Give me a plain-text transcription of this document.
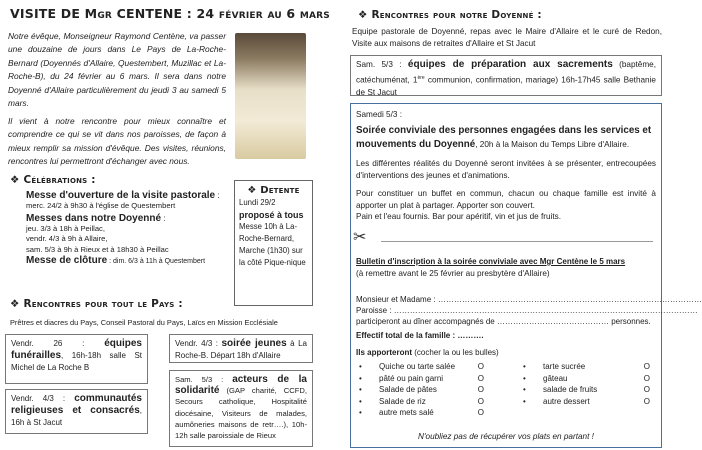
VISITE DE Mgr CENTENE : 24 février au 6 mars

Notre évêque, Monseigneur Raymond Centène, va passer une douzaine de jours dans Le Pays de La-Roche-Bernard (Doyennés d'Allaire, Questembert, Muzillac et La-Roche-B), du 24 février au 6 mars. Il sera dans notre Doyenné d'Allaire particulièrement du jeudi 3 au samedi 5 mars.

Il vient à notre rencontre pour mieux connaître et comprendre ce qui se vit dans nos paroisses, de façon à mieux remplir sa mission d'évêque. Des visites, réunions, rencontres lui permettront d'échanger avec nous.

❖ Célébrations :
Messe d'ouverture de la visite pastorale :
merc. 24/2 à 9h30 à l'église de Questembert
Messes dans notre Doyenné :
jeu. 3/3 à 18h à Peillac,
vendr. 4/3 à 9h à Allaire,
sam. 5/3 à 9h à Rieux et à 18h30 à Peillac
Messe de clôture : dim. 6/3 à 11h à Questembert
❖ Detente
Lundi 29/2
proposé à tous
Messe 10h à La-Roche-Bernard, Marche (1h30) sur la côté Pique-nique
❖ Rencontres pour tout le Pays :
Prêtres et diacres du Pays, Conseil Pastoral du Pays, Laïcs en Mission Ecclésiale
Vendr. 26 : équipes funérailles, 16h-18h salle St Michel de La Roche B
Vendr. 4/3 : communautés religieuses et consacrés, 16h à St Jacut
Vendr. 4/3 : soirée jeunes à La Roche-B. Départ 18h d'Allaire
Sam. 5/3 : acteurs de la solidarité (GAP charité, CCFD, Secours catholique, Hospitalité diocésaine, Visiteurs de malades, aumôneries maisons de retr….), 10h-12h salle paroissiale de Rieux
❖ Rencontres pour notre Doyenné :

Equipe pastorale de Doyenné, repas avec le Maire d'Allaire et le curé de Redon, Visite aux maisons de retraites d'Allaire et St Jacut

Sam. 5/3 : équipes de préparation aux sacrements (baptême, catéchuménat, 1ère communion, confirmation, mariage) 16h-17h45 salle Bethanie de St Jacut
Samedi 5/3 :
Soirée conviviale des personnes engagées dans les services et mouvements du Doyenné, 20h à la Maison du Temps Libre d'Allaire.

Les différentes réalités du Doyenné seront invitées à se présenter, entrecoupées d'interventions des jeunes et d'animations.

Pour constituer un buffet en commun, chacun ou chaque famille est invité à apporter un plat à partager. Apporter son couvert.

Pain et l'eau fournis. Bar pour apéritif, vin et jus de fruits.

✂
Bulletin d'inscription à la soirée conviviale avec Mgr Centène le 5 mars
(à remettre avant le 25 février au presbytère d'Allaire)
Monsieur et Madame : ………………………………………………………………………………………
Paroisse : ……………………………………………………………………………………………………
participeront au dîner accompagnés de …………………………………… personnes.
Effectif total de la famille : ……….
Ils apporteront (cocher la ou les bulles)
•	Quiche ou tarte salée	O
•	pâté ou pain garni	O
•	Salade de pâtes	O
•	Salade de riz	O
•	autre mets salé	O
•	tarte sucrée	O
•	gâteau	O
•	salade de fruits	O
•	autre dessert	O
N'oubliez pas de récupérer vos plats en partant !
